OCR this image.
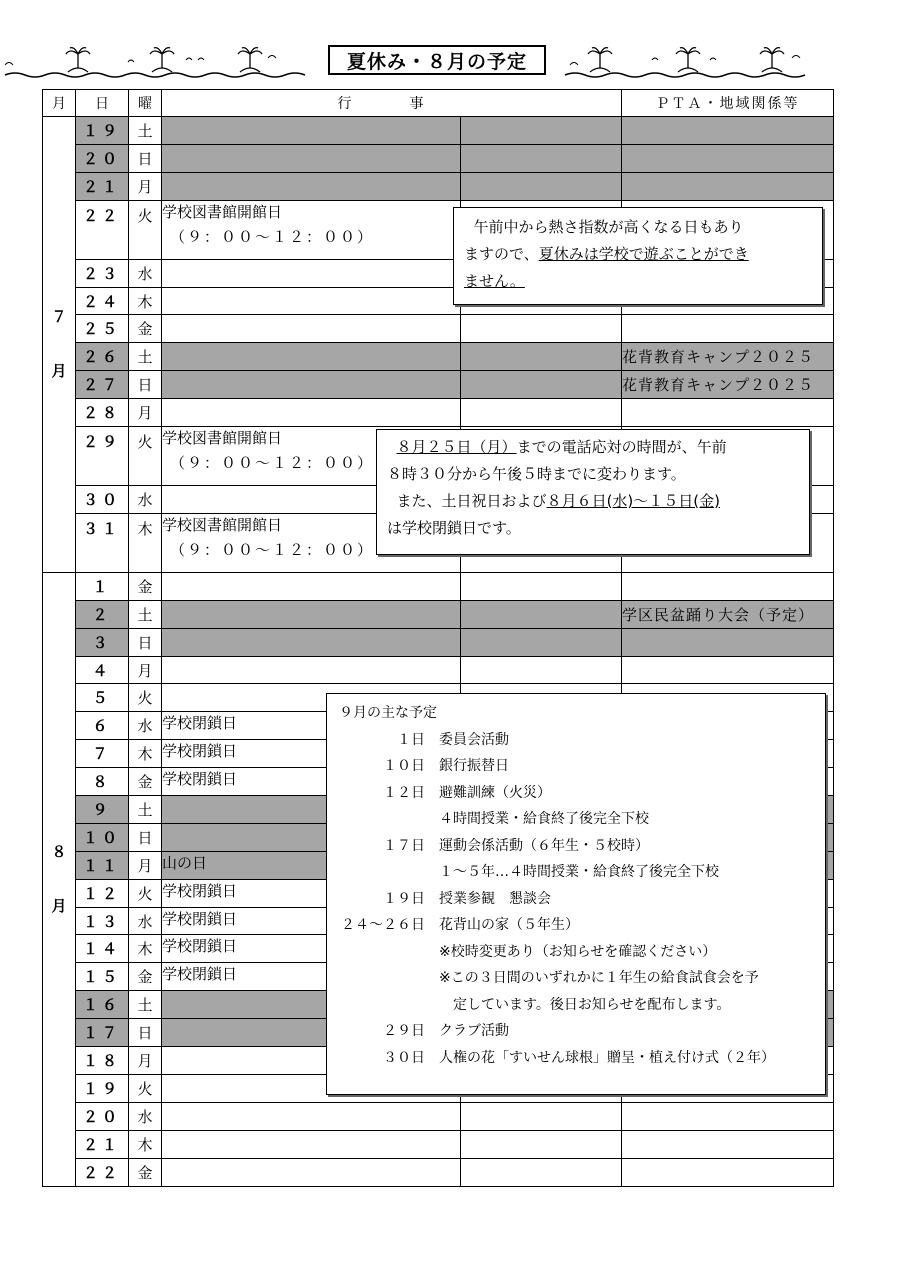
夏休み・８月の予定
月	日	曜	行　事		ＰＴＡ・地域関係等
７
月	１９	土			
	２０	日			
	２１	月			
	２２	火	学校図書館開館日
（９：００～１２：００）		

	２３	水			
	２４	木			
	２５	金			
	２６	土			花背教育キャンプ２０２５
	２７	日			花背教育キャンプ２０２５
	２８	月			
	２９	火	学校図書館開館日
（９：００～１２：００）		

	３０	水			
	３１	木	学校図書館開館日
（９：００～１２：００）		

８
月	１	金			
	２	土			学区民盆踊り大会（予定）
	３	日			
	４	月			
	５	火			
	６	水	学校閉鎖日		
	７	木	学校閉鎖日		
	８	金	学校閉鎖日		
	９	土			
	１０	日			
	１１	月	山の日		
	１２	火	学校閉鎖日		
	１３	水	学校閉鎖日		
	１４	木	学校閉鎖日		
	１５	金	学校閉鎖日		
	１６	土			
	１７	日			
	１８	月			
	１９	火			
	２０	水			
	２１	木			
	２２	金			
午前中から熱さ指数が高くなる日もあり
ますので、夏休みは学校で遊ぶことができ
ません。
８月２５日（月）までの電話応対の時間が、午前
８時３０分から午後５時までに変わります。
また、土日祝日および８月６日(水)～１５日(金)
は学校閉鎖日です。
９月の主な予定
１日	委員会活動
１０日	銀行振替日
１２日	避難訓練（火災）
４時間授業・給食終了後完全下校
１７日	運動会係活動（６年生・５校時）
１～５年…４時間授業・給食終了後完全下校
１９日	授業参観　懇談会
２４～２６日	花背山の家（５年生）
※校時変更あり（お知らせを確認ください）
※この３日間のいずれかに１年生の給食試食会を予
　定しています。後日お知らせを配布します。
２９日	クラブ活動
３０日	人権の花「すいせん球根」贈呈・植え付け式（２年）
